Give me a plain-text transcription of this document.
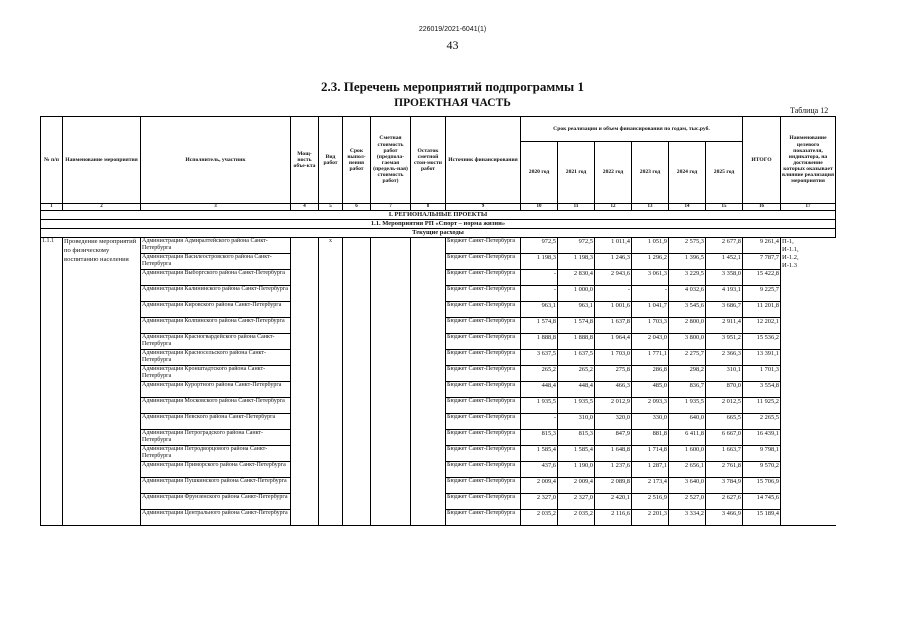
226019/2021-6041(1)
43
2.3. Перечень мероприятий подпрограммы 1
ПРОЕКТНАЯ ЧАСТЬ
Таблица 12
№ п/п	Наименование мероприятия	Исполнитель, участник	Мощ-ность объе-кта	Вид работ	Срок выпол-нения работ	Сметная стоимость работ (предпола-гаемая (предель-ная) стоимость работ)	Остаток сметной стои-мости работ	Источник финансирования	Срок реализации и объем финансирования по годам, тыс.руб.						ИТОГО	Наименование целевого показателя, индикатора, на достижение которых оказывает влияние реализация мероприятия
									2020 год	2021 год	2022 год	2023 год	2024 год	2025 год		
1	2	3	4	5	6	7	8	9	10	11	12	13	14	15	16	17
I. РЕГИОНАЛЬНЫЕ ПРОЕКТЫ																
1.1. Мероприятия РП «Спорт – норма жизни»																
Текущие расходы																
1.1.1	Проведение мероприятий по физическому воспитанию населения	Администрация Адмиралтейского района Санкт-Петербурга		х				Бюджет Санкт-Петербурга	972,5	972,5	1 011,4	1 051,9	2 575,3	2 677,8	9 261,4	П-1,
И-1.1,
И-1.2,
И-1.3
		Администрация Василеостровского района Санкт-Петербурга						Бюджет Санкт-Петербурга	1 198,3	1 198,3	1 246,3	1 296,2	1 396,5	1 452,1	7 787,7	
		Администрация Выборгского района Санкт-Петербурга						Бюджет Санкт-Петербурга	-	2 830,4	2 943,6	3 061,3	3 229,5	3 358,0	15 422,8	
		Администрация Калининского района Санкт-Петербурга						Бюджет Санкт-Петербурга	-	1 000,0	-	-	4 032,6	4 193,1	9 225,7	
		Администрация Кировского района Санкт-Петербурга						Бюджет Санкт-Петербурга	963,1	963,1	1 001,6	1 041,7	3 545,6	3 686,7	11 201,8	
		Администрация Колпинского района Санкт-Петербурга						Бюджет Санкт-Петербурга	1 574,8	1 574,8	1 637,8	1 703,3	2 800,0	2 911,4	12 202,1	
		Администрация Красногвардейского района Санкт-Петербурга						Бюджет Санкт-Петербурга	1 888,8	1 888,8	1 964,4	2 043,0	3 800,0	3 951,2	15 536,2	
		Администрация Красносельского района Санкт-Петербурга						Бюджет Санкт-Петербурга	3 637,5	1 637,5	1 703,0	1 771,1	2 275,7	2 366,3	13 391,1	
		Администрация Кронштадтского района Санкт-Петербурга						Бюджет Санкт-Петербурга	265,2	265,2	275,8	286,8	298,2	310,1	1 701,3	
		Администрация Курортного района Санкт-Петербурга						Бюджет Санкт-Петербурга	448,4	448,4	466,3	485,0	836,7	870,0	3 554,8	
		Администрация Московского района Санкт-Петербурга						Бюджет Санкт-Петербурга	1 935,5	1 935,5	2 012,9	2 093,3	1 935,5	2 012,5	11 925,2	
		Администрация Невского района Санкт-Петербурга						Бюджет Санкт-Петербурга	-	310,0	320,0	330,0	640,0	665,5	2 265,5	
		Администрация Петроградского района Санкт-Петербурга						Бюджет Санкт-Петербурга	815,3	815,3	847,9	881,8	6 411,8	6 667,0	16 439,1	
		Администрация Петродворцового района Санкт-Петербурга						Бюджет Санкт-Петербурга	1 585,4	1 585,4	1 648,8	1 714,8	1 600,0	1 663,7	9 798,1	
		Администрация Приморского района Санкт-Петербурга						Бюджет Санкт-Петербурга	437,6	1 190,0	1 237,6	1 287,1	2 656,1	2 761,8	9 570,2	
		Администрация Пушкинского района Санкт-Петербурга						Бюджет Санкт-Петербурга	2 009,4	2 009,4	2 089,8	2 173,4	3 640,0	3 784,9	15 706,9	
		Администрация Фрунзенского района Санкт-Петербурга						Бюджет Санкт-Петербурга	2 327,0	2 327,0	2 420,1	2 516,9	2 527,0	2 627,6	14 745,6	
		Администрация Центрального района Санкт-Петербурга						Бюджет Санкт-Петербурга	2 035,2	2 035,2	2 116,6	2 201,3	3 334,2	3 466,9	15 189,4	
